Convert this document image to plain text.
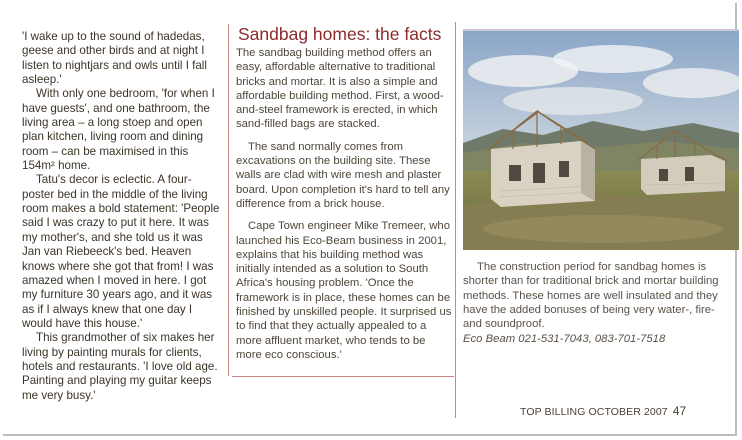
'I wake up to the sound of hadedas, geese and other birds and at night I listen to nightjars and owls until I fall asleep.'

With only one bedroom, 'for when I have guests', and one bathroom, the living area – a long stoep and open plan kitchen, living room and dining room – can be maximised in this 154m² home.

Tatu's decor is eclectic. A four-poster bed in the middle of the living room makes a bold statement: 'People said I was crazy to put it here. It was my mother's, and she told us it was Jan van Riebeeck's bed. Heaven knows where she got that from! I was amazed when I moved in here. I got my furniture 30 years ago, and it was as if I always knew that one day I would have this house.'

This grandmother of six makes her living by painting murals for clients, hotels and restaurants. 'I love old age. Painting and playing my guitar keeps me very busy.'

Sandbag homes: the facts

The sandbag building method offers an easy, affordable alternative to traditional bricks and mortar. It is also a simple and affordable building method. First, a wood-and-steel framework is erected, in which sand-filled bags are stacked.

The sand normally comes from excavations on the building site. These walls are clad with wire mesh and plaster board. Upon completion it's hard to tell any difference from a brick house.

Cape Town engineer Mike Tremeer, who launched his Eco-Beam business in 2001, explains that his building method was initially intended as a solution to South Africa's housing problem. 'Once the framework is in place, these homes can be finished by unskilled people. It surprised us to find that they actually appealed to a more affluent market, who tends to be more eco conscious.'

The construction period for sandbag homes is shorter than for traditional brick and mortar building methods. These homes are well insulated and they have the added bonuses of being very water-, fire- and soundproof.

Eco Beam 021-531-7043, 083-701-7518

TOP BILLING OCTOBER 2007 47
